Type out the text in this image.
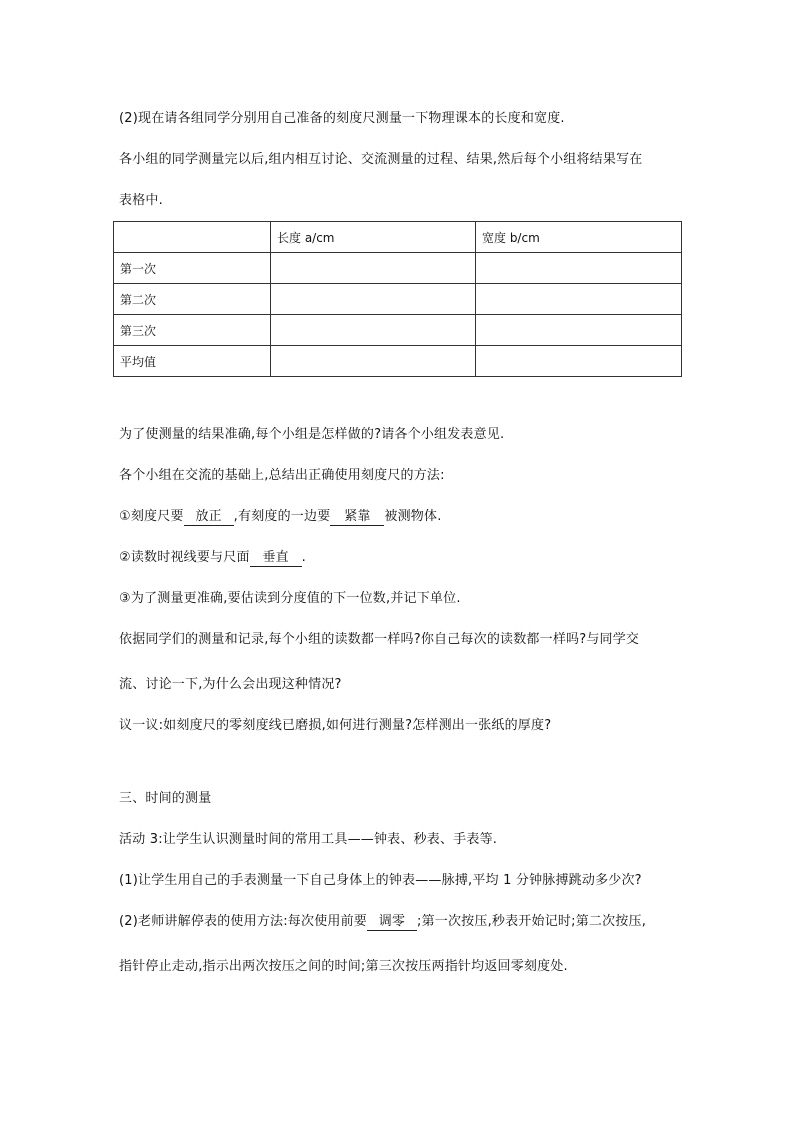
(2)现在请各组同学分别用自己准备的刻度尺测量一下物理课本的长度和宽度.
各小组的同学测量完以后,组内相互讨论、交流测量的过程、结果,然后每个小组将结果写在
表格中.
	长度 a/cm	宽度 b/cm
第一次		
第二次		
第三次		
平均值		
为了使测量的结果准确,每个小组是怎样做的?请各个小组发表意见.
各个小组在交流的基础上,总结出正确使用刻度尺的方法:
①刻度尺要 放正 ,有刻度的一边要 紧靠 被测物体.
②读数时视线要与尺面 垂直 .
③为了测量更准确,要估读到分度值的下一位数,并记下单位.
依据同学们的测量和记录,每个小组的读数都一样吗?你自己每次的读数都一样吗?与同学交
流、讨论一下,为什么会出现这种情况?
议一议:如刻度尺的零刻度线已磨损,如何进行测量?怎样测出一张纸的厚度?
三、时间的测量
活动 3:让学生认识测量时间的常用工具——钟表、秒表、手表等.
(1)让学生用自己的手表测量一下自己身体上的钟表——脉搏,平均 1 分钟脉搏跳动多少次?
(2)老师讲解停表的使用方法:每次使用前要 调零 ;第一次按压,秒表开始记时;第二次按压,
指针停止走动,指示出两次按压之间的时间;第三次按压两指针均返回零刻度处.
